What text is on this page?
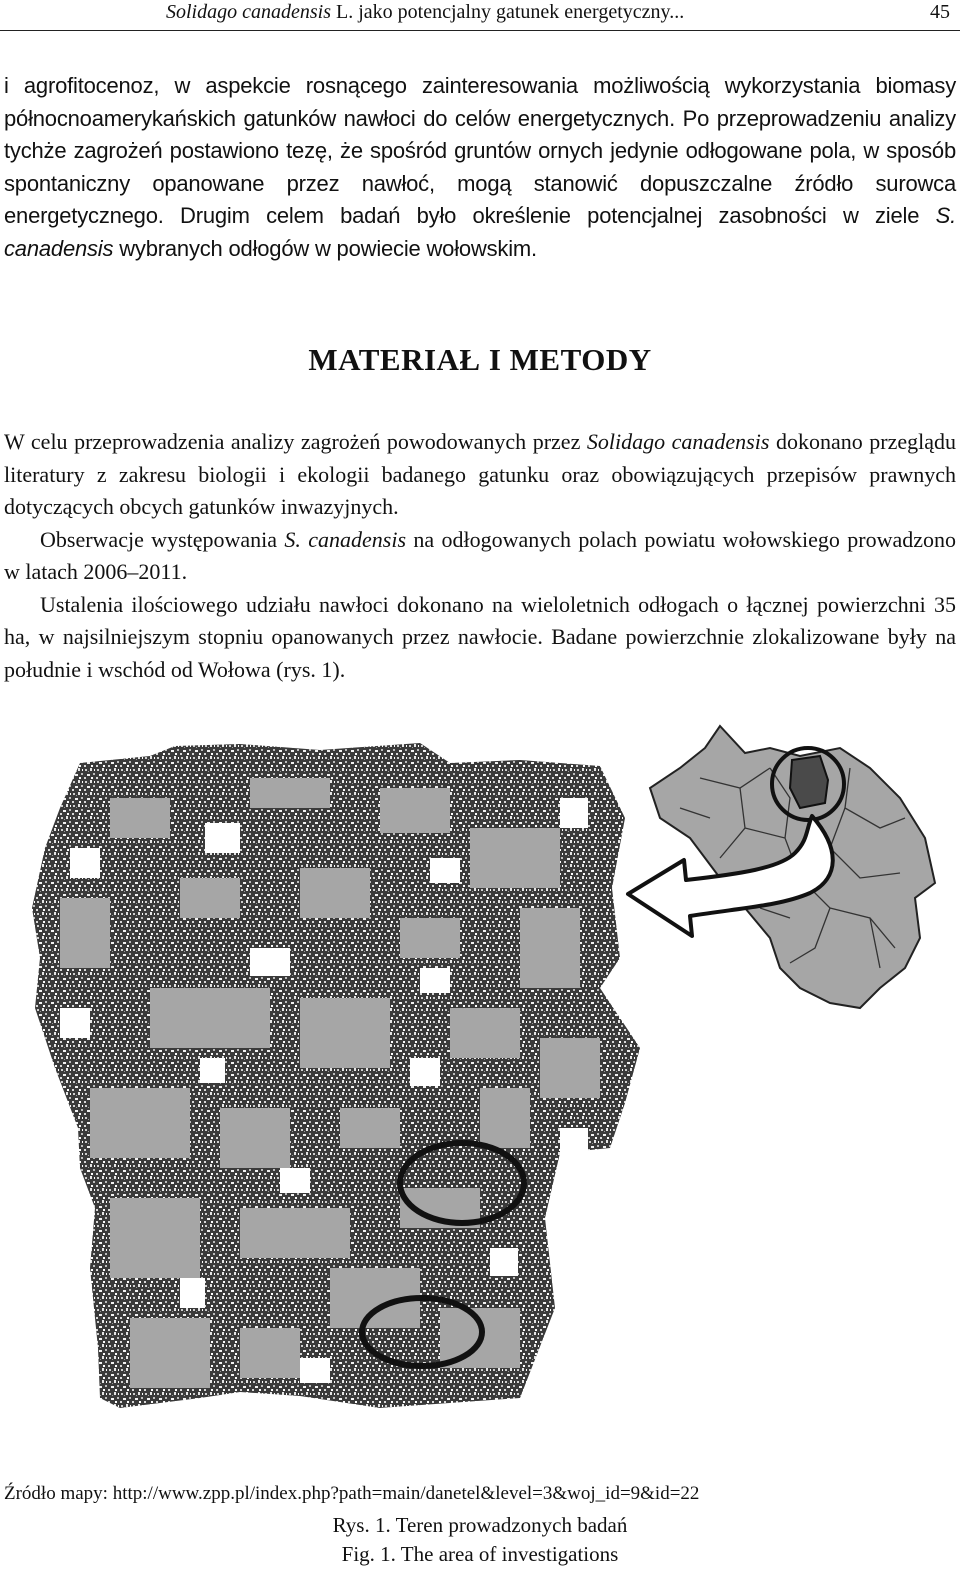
Solidago canadensis L. jako potencjalny gatunek energetyczny...	45
i agrofitocenoz, w aspekcie rosnącego zainteresowania możliwością wykorzystania biomasy północnoamerykańskich gatunków nawłoci do celów energetycznych. Po przeprowadzeniu analizy tychże zagrożeń postawiono tezę, że spośród gruntów ornych jedynie odłogowane pola, w sposób spontaniczny opanowane przez nawłoć, mogą stanowić dopuszczalne źródło surowca energetycznego. Drugim celem badań było określenie potencjalnej zasobności w ziele S. canadensis wybranych odłogów w powiecie wołowskim.
MATERIAŁ I METODY

W celu przeprowadzenia analizy zagrożeń powodowanych przez Solidago canadensis dokonano przeglądu literatury z zakresu biologii i ekologii badanego gatunku oraz obowiązujących przepisów prawnych dotyczących obcych gatunków inwazyjnych.

Obserwacje występowania S. canadensis na odłogowanych polach powiatu wołowskiego prowadzono w latach 2006–2011.

Ustalenia ilościowego udziału nawłoci dokonano na wieloletnich odłogach o łącznej powierzchni 35 ha, w najsilniejszym stopniu opanowanych przez nawłocie. Badane powierzchnie zlokalizowane były na południe i wschód od Wołowa (rys. 1).

Źródło mapy: http://www.zpp.pl/index.php?path=main/danetel&level=3&woj_id=9&id=22
Rys. 1. Teren prowadzonych badań
Fig. 1. The area of investigations
